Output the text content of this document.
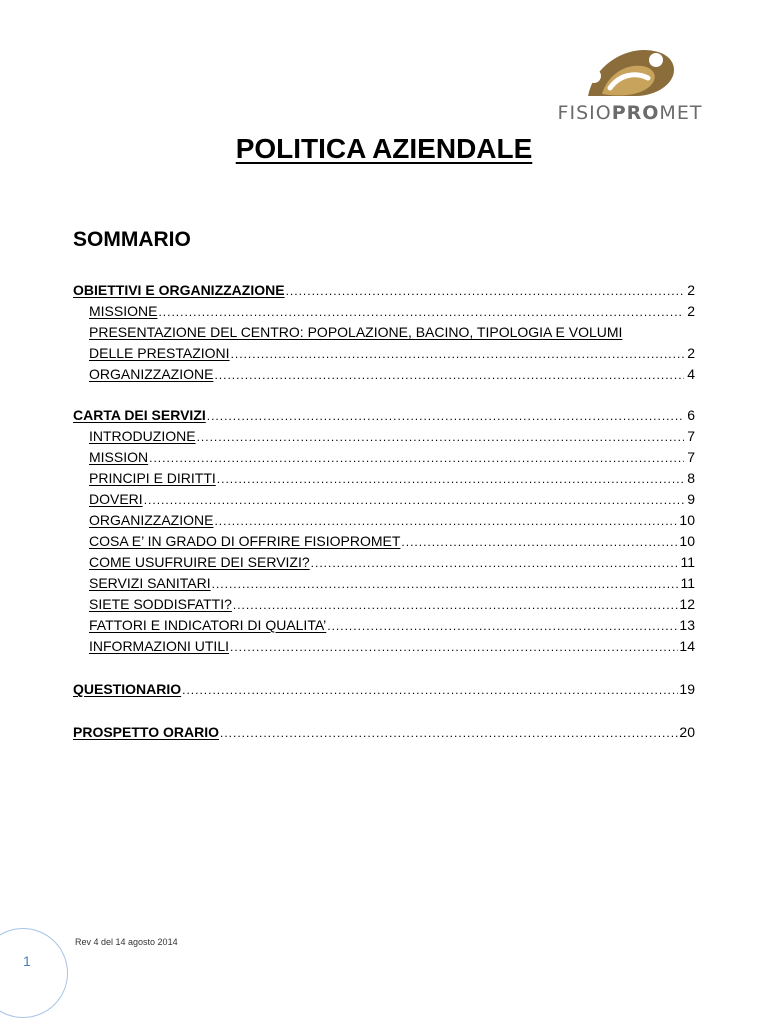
FISIOPROMET
POLITICA AZIENDALE
SOMMARIO
OBIETTIVI E ORGANIZZAZIONE .....	2
MISSIONE .....	2
PRESENTAZIONE DEL CENTRO: POPOLAZIONE, BACINO, TIPOLOGIA E VOLUMI
DELLE PRESTAZIONI .....	2
ORGANIZZAZIONE .....	4
CARTA DEI SERVIZI .....	6
INTRODUZIONE .....	7
MISSION .....	7
PRINCIPI E DIRITTI .....	8
DOVERI .....	9
ORGANIZZAZIONE .....	10
COSA E’ IN GRADO DI OFFRIRE FISIOPROMET .....	10
COME USUFRUIRE DEI SERVIZI? .....	11
SERVIZI SANITARI .....	11
SIETE SODDISFATTI? .....	12
FATTORI E INDICATORI DI QUALITA’ .....	13
INFORMAZIONI UTILI .....	14
QUESTIONARIO .....	19
PROSPETTO ORARIO .....	20
Rev 4 del 14 agosto 2014
1
